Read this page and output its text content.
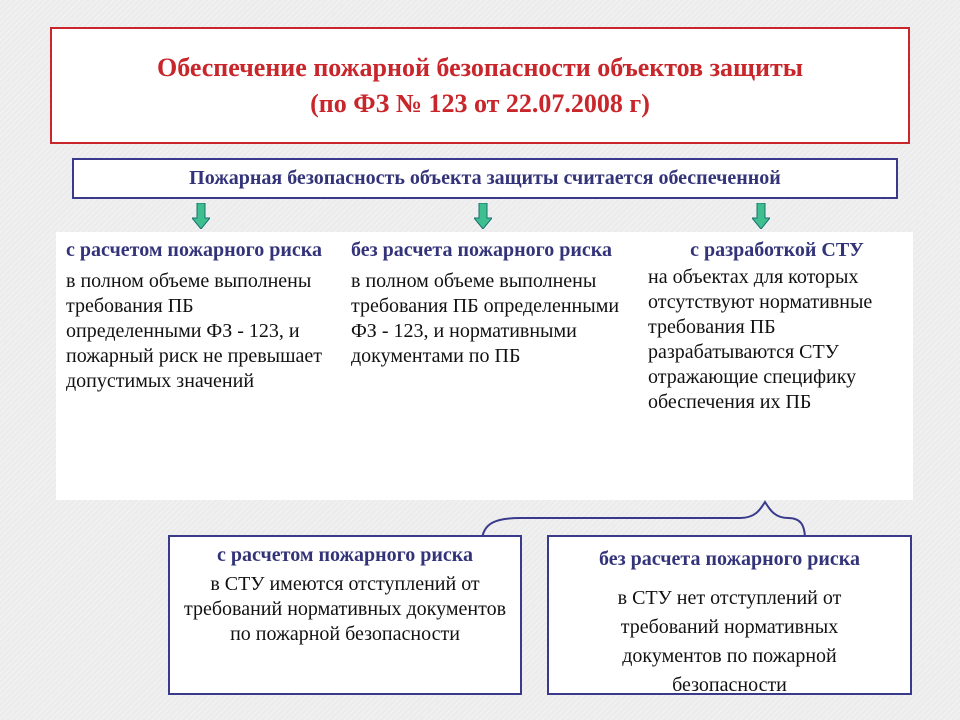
Обеспечение пожарной безопасности объектов защиты
(по ФЗ № 123 от 22.07.2008 г)
Пожарная безопасность объекта защиты считается обеспеченной
с расчетом пожарного риска
в полном объеме выполнены требования ПБ определенными ФЗ - 123, и пожарный риск не превышает допустимых значений
без расчета пожарного риска
в полном объеме выполнены требования ПБ определенными ФЗ - 123, и нормативными документами по ПБ
с разработкой СТУ
на объектах для которых отсутствуют нормативные требования ПБ разрабатываются СТУ отражающие специфику обеспечения их ПБ
с расчетом пожарного риска
в СТУ имеются отступлений от требований нормативных документов по пожарной безопасности
без расчета пожарного риска
в СТУ нет отступлений от требований нормативных документов по пожарной безопасности
